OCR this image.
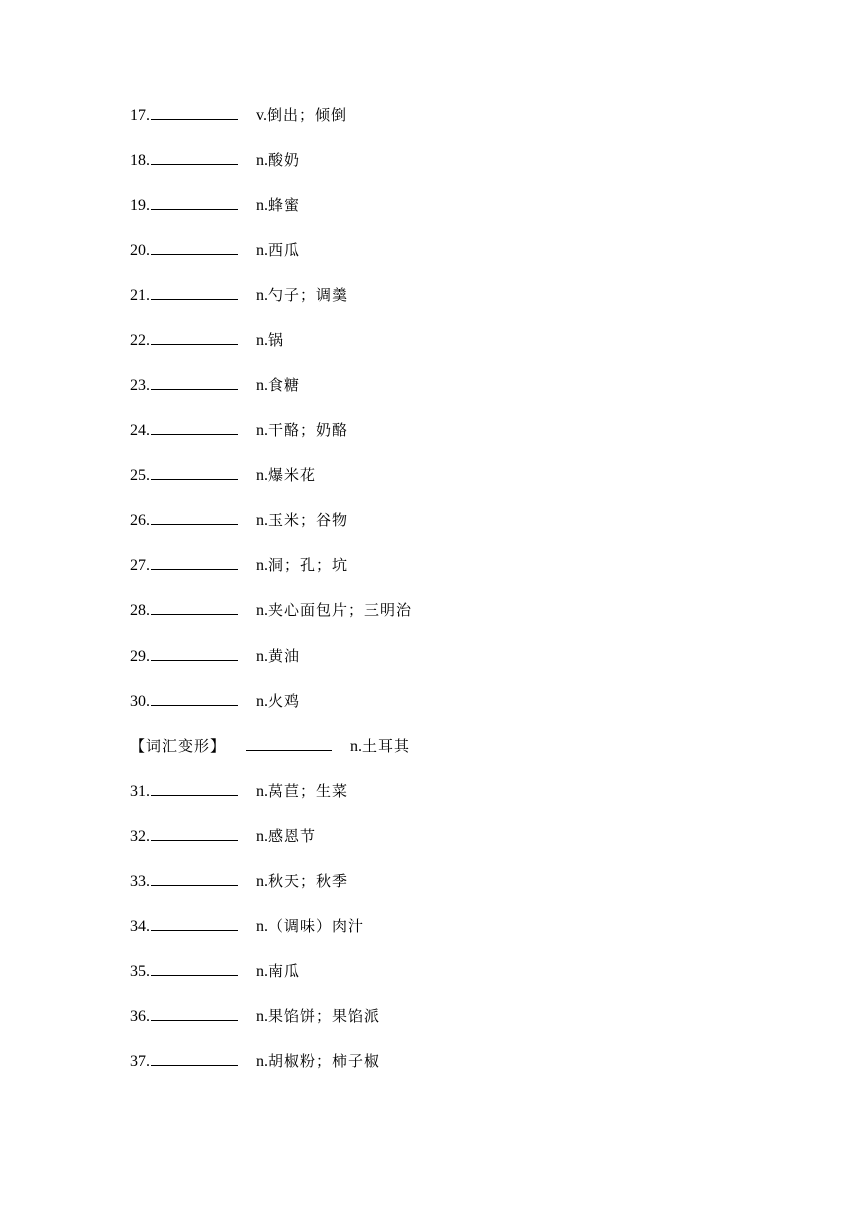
17.	v.倒出；倾倒
18.	n.酸奶
19.	n.蜂蜜
20.	n.西瓜
21.	n.勺子；调羹
22.	n.锅
23.	n.食糖
24.	n.干酪；奶酪
25.	n.爆米花
26.	n.玉米；谷物
27.	n.洞；孔；坑
28.	n.夹心面包片；三明治
29.	n.黄油
30.	n.火鸡
【词汇变形】	n.土耳其
31.	n.莴苣；生菜
32.	n.感恩节
33.	n.秋天；秋季
34.	n.（调味）肉汁
35.	n.南瓜
36.	n.果馅饼；果馅派
37.	n.胡椒粉；柿子椒
